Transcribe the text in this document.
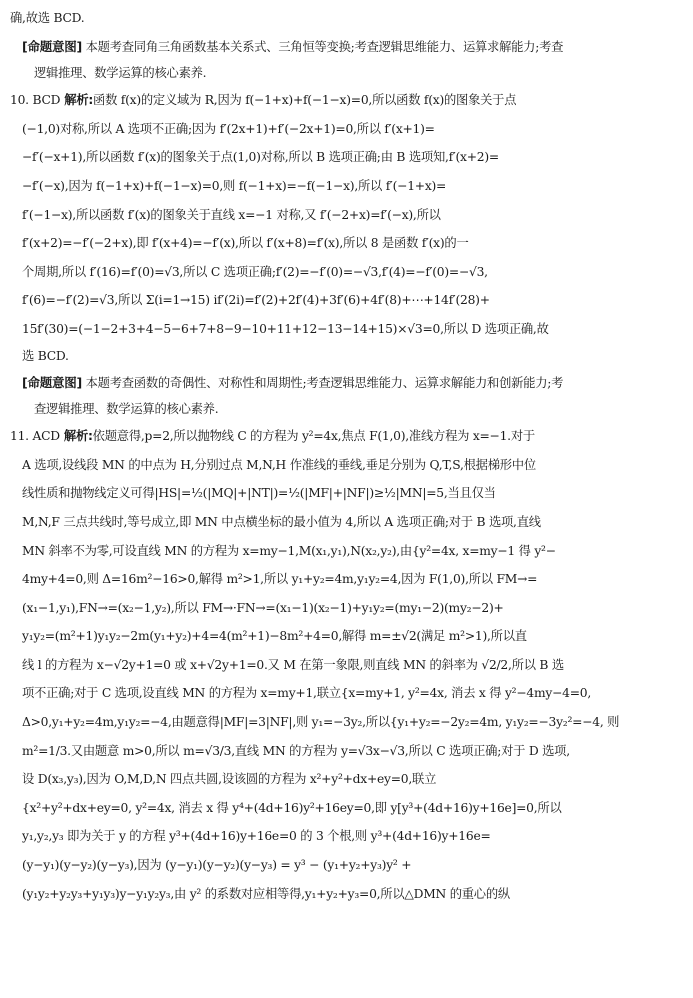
确,故选 BCD.
[命题意图] 本题考查同角三角函数基本关系式、三角恒等变换;考查逻辑思维能力、运算求解能力;考查
逻辑推理、数学运算的核心素养.
10. BCD 解析:函数 f(x)的定义域为 R,因为 f(−1+x)+f(−1−x)=0,所以函数 f(x)的图象关于点
(−1,0)对称,所以 A 选项不正确;因为 f′(2x+1)+f′(−2x+1)=0,所以 f′(x+1)=
−f′(−x+1),所以函数 f′(x)的图象关于点(1,0)对称,所以 B 选项正确;由 B 选项知,f′(x+2)=
−f′(−x),因为 f(−1+x)+f(−1−x)=0,则 f(−1+x)=−f(−1−x),所以 f′(−1+x)=
f′(−1−x),所以函数 f′(x)的图象关于直线 x=−1 对称,又 f′(−2+x)=f′(−x),所以
f′(x+2)=−f′(−2+x),即 f′(x+4)=−f′(x),所以 f′(x+8)=f′(x),所以 8 是函数 f′(x)的一
个周期,所以 f′(16)=f′(0)=√3,所以 C 选项正确;f′(2)=−f′(0)=−√3,f′(4)=−f′(0)=−√3,
f′(6)=−f′(2)=√3,所以 Σ(i=1→15) if′(2i)=f′(2)+2f′(4)+3f′(6)+4f′(8)+⋯+14f′(28)+
15f′(30)=(−1−2+3+4−5−6+7+8−9−10+11+12−13−14+15)×√3=0,所以 D 选项正确,故
选 BCD.
[命题意图] 本题考查函数的奇偶性、对称性和周期性;考查逻辑思维能力、运算求解能力和创新能力;考
查逻辑推理、数学运算的核心素养.
11. ACD 解析:依题意得,p=2,所以抛物线 C 的方程为 y²=4x,焦点 F(1,0),准线方程为 x=−1.对于
A 选项,设线段 MN 的中点为 H,分别过点 M,N,H 作准线的垂线,垂足分别为 Q,T,S,根据梯形中位
线性质和抛物线定义可得|HS|=½(|MQ|+|NT|)=½(|MF|+|NF|)≥½|MN|=5,当且仅当
M,N,F 三点共线时,等号成立,即 MN 中点横坐标的最小值为 4,所以 A 选项正确;对于 B 选项,直线
MN 斜率不为零,可设直线 MN 的方程为 x=my−1,M(x₁,y₁),N(x₂,y₂),由{y²=4x, x=my−1 得 y²−
4my+4=0,则 Δ=16m²−16>0,解得 m²>1,所以 y₁+y₂=4m,y₁y₂=4,因为 F(1,0),所以 FM→=
(x₁−1,y₁),FN→=(x₂−1,y₂),所以 FM→·FN→=(x₁−1)(x₂−1)+y₁y₂=(my₁−2)(my₂−2)+
y₁y₂=(m²+1)y₁y₂−2m(y₁+y₂)+4=4(m²+1)−8m²+4=0,解得 m=±√2(满足 m²>1),所以直
线 l 的方程为 x−√2y+1=0 或 x+√2y+1=0.又 M 在第一象限,则直线 MN 的斜率为 √2/2,所以 B 选
项不正确;对于 C 选项,设直线 MN 的方程为 x=my+1,联立{x=my+1, y²=4x, 消去 x 得 y²−4my−4=0,
Δ>0,y₁+y₂=4m,y₁y₂=−4,由题意得|MF|=3|NF|,则 y₁=−3y₂,所以{y₁+y₂=−2y₂=4m, y₁y₂=−3y₂²=−4, 则
m²=1/3.又由题意 m>0,所以 m=√3/3,直线 MN 的方程为 y=√3x−√3,所以 C 选项正确;对于 D 选项,
设 D(x₃,y₃),因为 O,M,D,N 四点共圆,设该圆的方程为 x²+y²+dx+ey=0,联立
{x²+y²+dx+ey=0, y²=4x, 消去 x 得 y⁴+(4d+16)y²+16ey=0,即 y[y³+(4d+16)y+16e]=0,所以
y₁,y₂,y₃ 即为关于 y 的方程 y³+(4d+16)y+16e=0 的 3 个根,则 y³+(4d+16)y+16e=
(y−y₁)(y−y₂)(y−y₃),因为 (y−y₁)(y−y₂)(y−y₃) = y³ − (y₁+y₂+y₃)y² +
(y₁y₂+y₂y₃+y₁y₃)y−y₁y₂y₃,由 y² 的系数对应相等得,y₁+y₂+y₃=0,所以△DMN 的重心的纵
